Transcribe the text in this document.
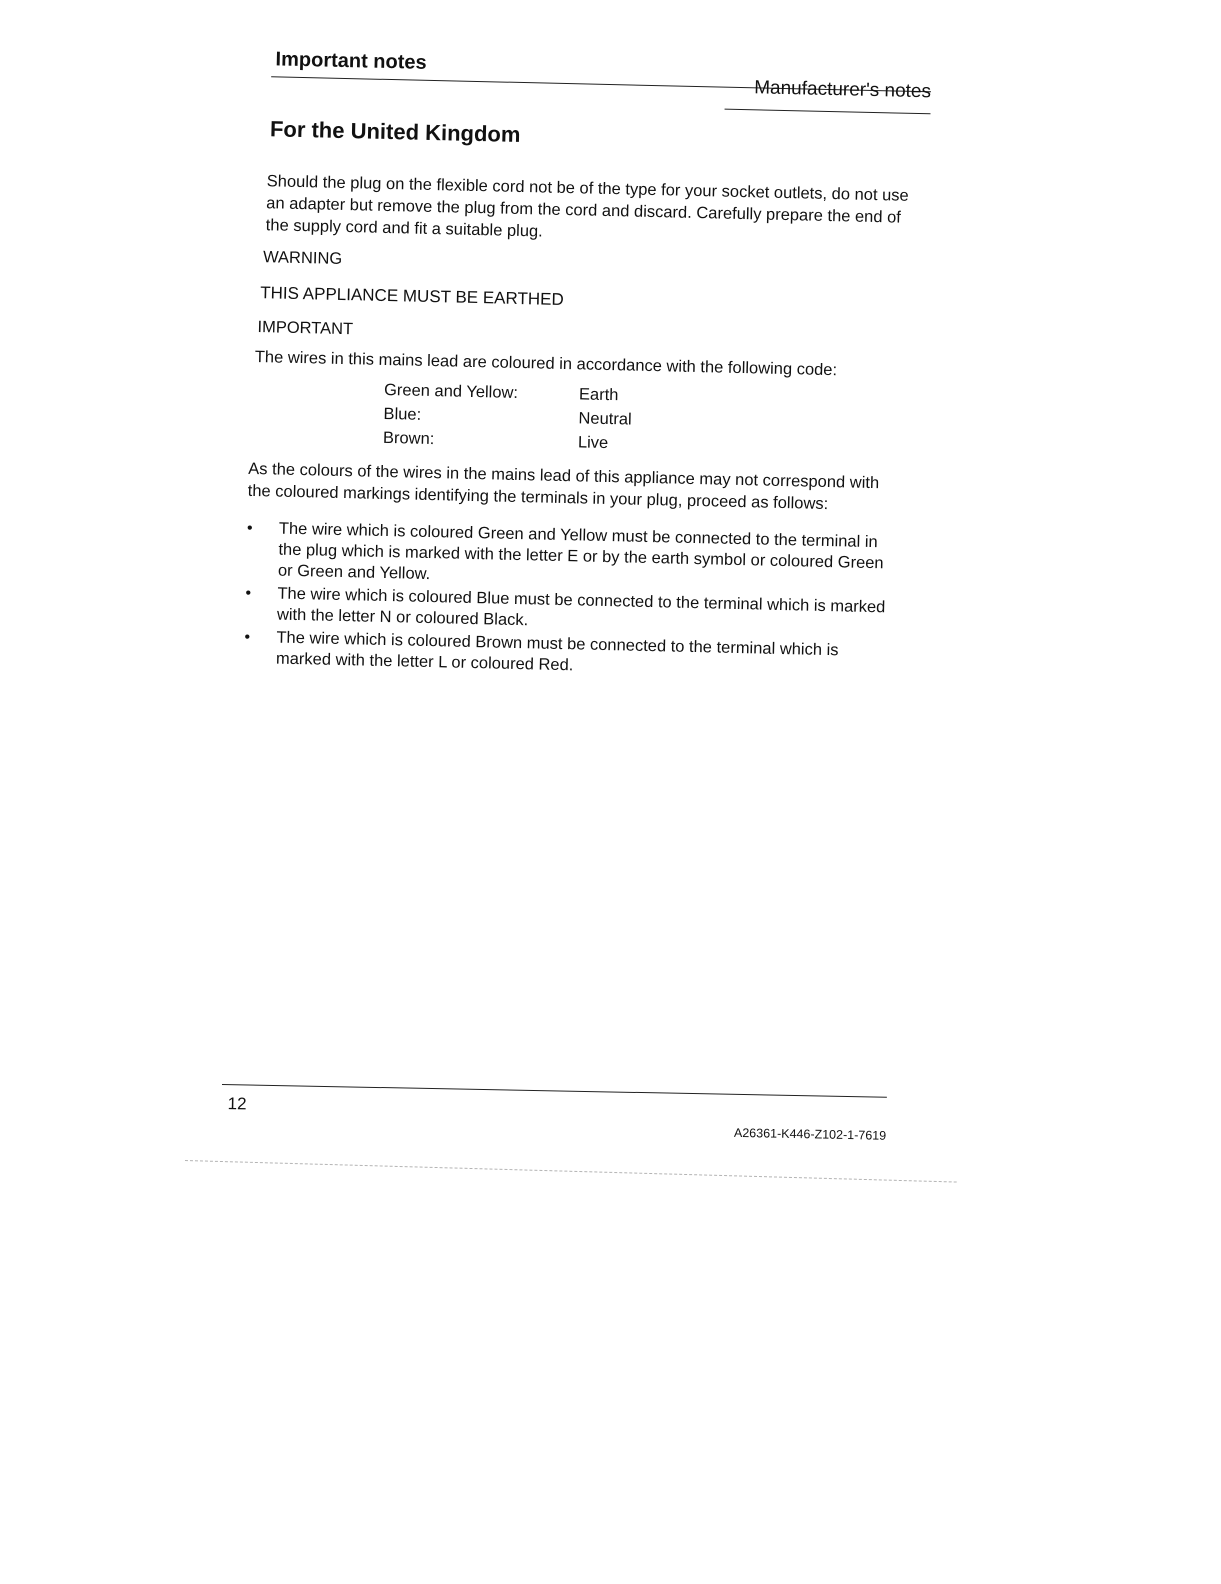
Important notes
Manufacturer's notes
For the United Kingdom

Should the plug on the flexible cord not be of the type for your socket outlets, do not use an adapter but remove the plug from the cord and discard. Carefully prepare the end of the supply cord and fit a suitable plug.

WARNING
THIS APPLIANCE MUST BE EARTHED
IMPORTANT

The wires in this mains lead are coloured in accordance with the following code:

Green and Yellow:	Earth
Blue:	Neutral
Brown:	Live

As the colours of the wires in the mains lead of this appliance may not correspond with the coloured markings identifying the terminals in your plug, proceed as follows:

• The wire which is coloured Green and Yellow must be connected to the terminal in the plug which is marked with the letter E or by the earth symbol or coloured Green or Green and Yellow.
• The wire which is coloured Blue must be connected to the terminal which is marked with the letter N or coloured Black.
• The wire which is coloured Brown must be connected to the terminal which is marked with the letter L or coloured Red.
12
A26361-K446-Z102-1-7619
